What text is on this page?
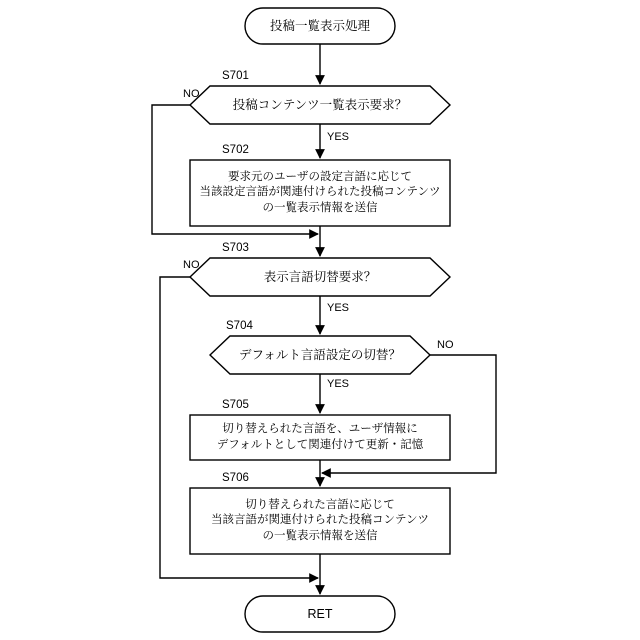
投稿一覧表示処理
投稿コンテンツ一覧表示要求？
要求元のユーザの設定言語に応じて
当該設定言語が関連付けられた投稿コンテンツ
の一覧表示情報を送信
表示言語切替要求？
デフォルト言語設定の切替？
切り替えられた言語を、ユーザ情報に
デフォルトとして関連付けて更新・記憶
切り替えられた言語に応じて
当該言語が関連付けられた投稿コンテンツ
の一覧表示情報を送信
RET
S701
S702
S703
S704
S705
S706
NO
YES
NO
YES
NO
YES
